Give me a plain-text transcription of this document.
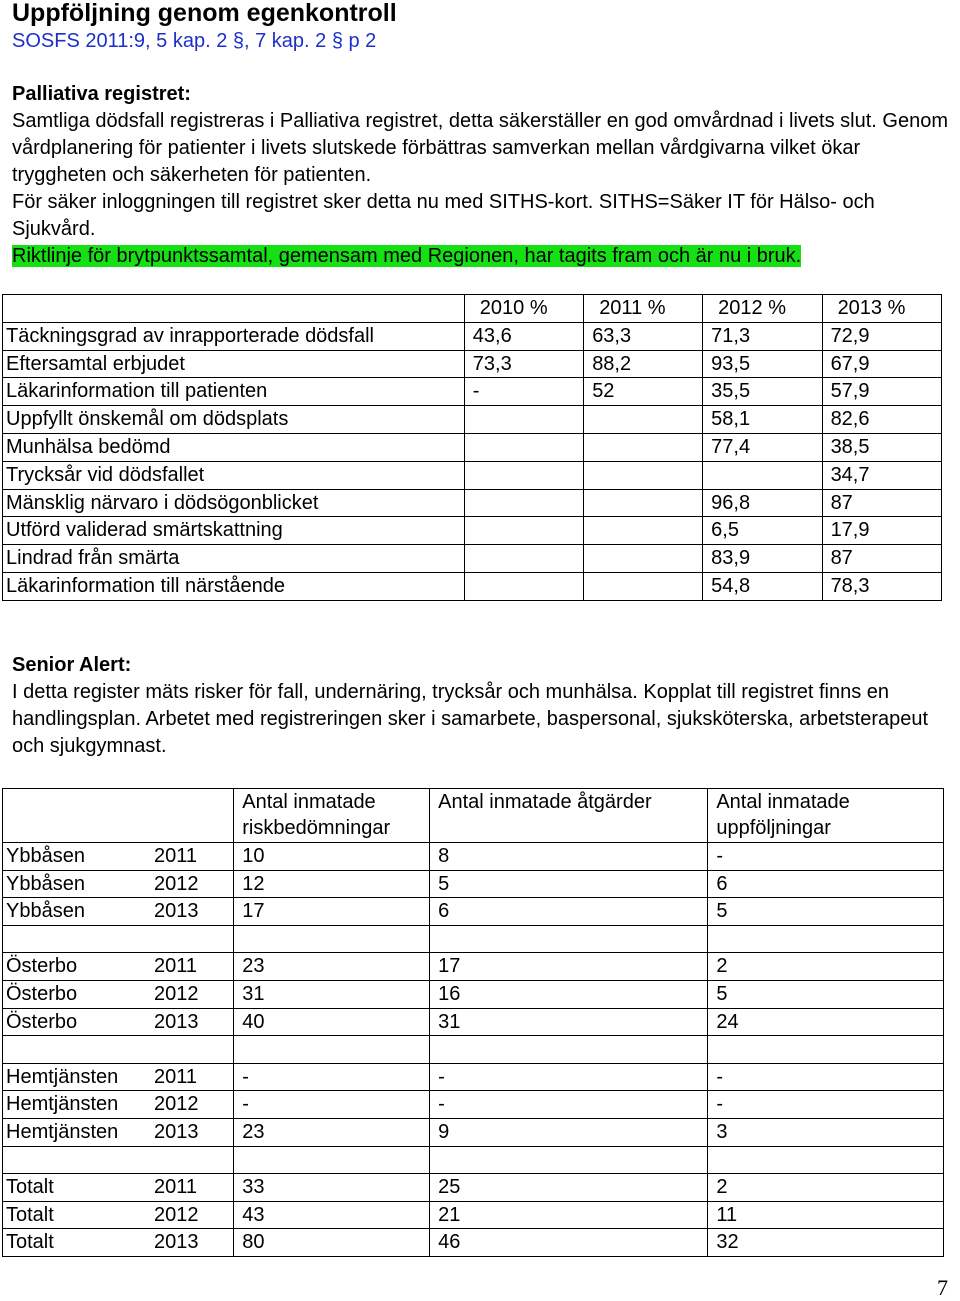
Uppföljning genom egenkontroll
SOSFS 2011:9, 5 kap. 2 §, 7 kap. 2 § p 2
Palliativa registret:
Samtliga dödsfall registreras i Palliativa registret, detta säkerställer en god omvårdnad i livets slut. Genom vårdplanering för patienter i livets slutskede förbättras samverkan mellan vårdgivarna vilket ökar tryggheten och säkerheten för patienten.
För säker inloggningen till registret sker detta nu med SITHS-kort. SITHS=Säker IT för Hälso- och Sjukvård.
Riktlinje för brytpunktssamtal, gemensam med Regionen, har tagits fram och är nu i bruk.
	2010 %	2011 %	2012 %	2013 %
Täckningsgrad av inrapporterade dödsfall	43,6	63,3	71,3	72,9
Eftersamtal erbjudet	73,3	88,2	93,5	67,9
Läkarinformation till patienten	-	52	35,5	57,9
Uppfyllt önskemål om dödsplats			58,1	82,6
Munhälsa bedömd			77,4	38,5
Trycksår vid dödsfallet				34,7
Mänsklig närvaro i dödsögonblicket			96,8	87
Utförd validerad smärtskattning			6,5	17,9
Lindrad från smärta			83,9	87
Läkarinformation till närstående			54,8	78,3
Senior Alert:
I detta register mäts risker för fall, undernäring, trycksår och munhälsa. Kopplat till registret finns en handlingsplan. Arbetet med registreringen sker i samarbete, baspersonal, sjuksköterska, arbetsterapeut och sjukgymnast.
	Antal inmatade riskbedömningar	Antal inmatade åtgärder	Antal inmatade uppföljningar
Ybbåsen 2011	10	8	-
Ybbåsen 2012	12	5	6
Ybbåsen 2013	17	6	5

Österbo 2011	23	17	2
Österbo 2012	31	16	5
Österbo 2013	40	31	24

Hemtjänsten 2011	-	-	-
Hemtjänsten 2012	-	-	-
Hemtjänsten 2013	23	9	3

Totalt 2011	33	25	2
Totalt 2012	43	21	11
Totalt 2013	80	46	32
7
